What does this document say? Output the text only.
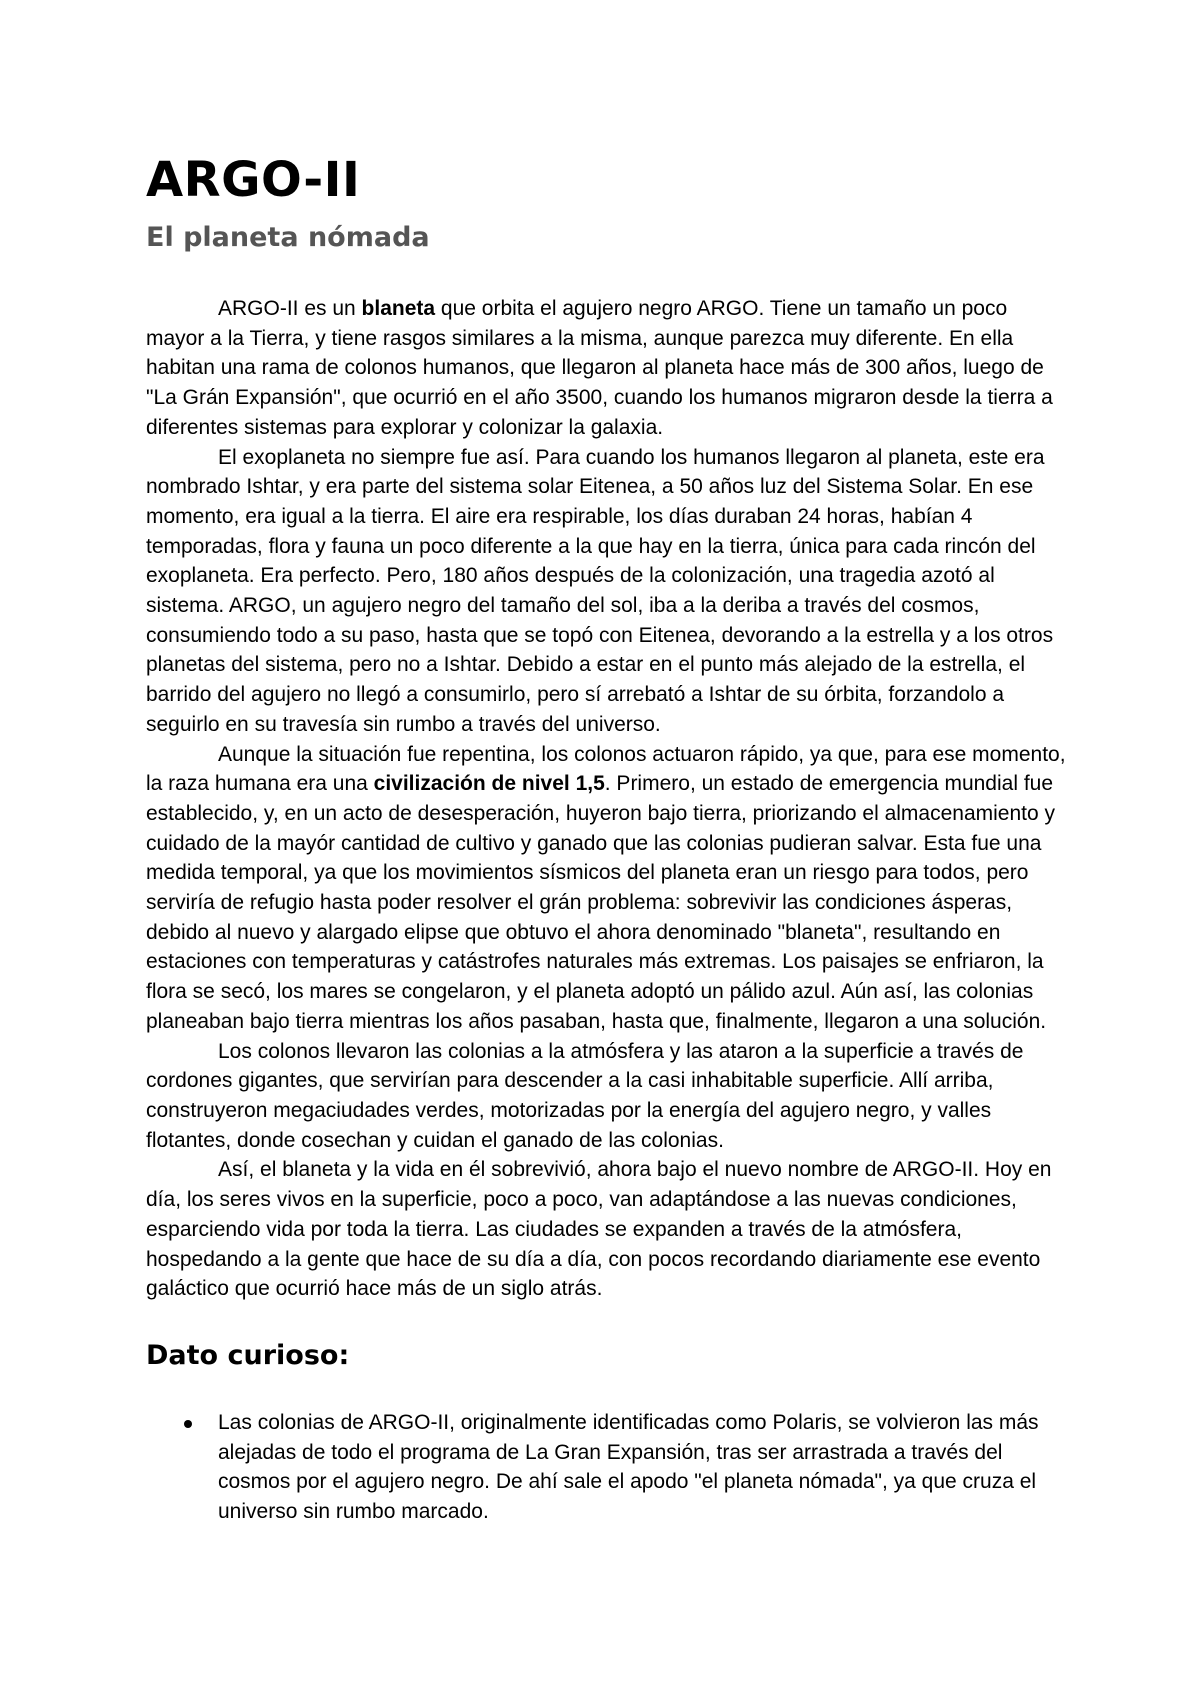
ARGO-II
El planeta nómada

ARGO-II es un blaneta que orbita el agujero negro ARGO. Tiene un tamaño un poco mayor a la Tierra, y tiene rasgos similares a la misma, aunque parezca muy diferente. En ella habitan una rama de colonos humanos, que llegaron al planeta hace más de 300 años, luego de "La Grán Expansión", que ocurrió en el año 3500, cuando los humanos migraron desde la tierra a diferentes sistemas para explorar y colonizar la galaxia.

El exoplaneta no siempre fue así. Para cuando los humanos llegaron al planeta, este era nombrado Ishtar, y era parte del sistema solar Eitenea, a 50 años luz del Sistema Solar. En ese momento, era igual a la tierra. El aire era respirable, los días duraban 24 horas, habían 4 temporadas, flora y fauna un poco diferente a la que hay en la tierra, única para cada rincón del exoplaneta. Era perfecto. Pero, 180 años después de la colonización, una tragedia azotó al sistema. ARGO, un agujero negro del tamaño del sol, iba a la deriba a través del cosmos, consumiendo todo a su paso, hasta que se topó con Eitenea, devorando a la estrella y a los otros planetas del sistema, pero no a Ishtar. Debido a estar en el punto más alejado de la estrella, el barrido del agujero no llegó a consumirlo, pero sí arrebató a Ishtar de su órbita, forzandolo a seguirlo en su travesía sin rumbo a través del universo.

Aunque la situación fue repentina, los colonos actuaron rápido, ya que, para ese momento, la raza humana era una civilización de nivel 1,5. Primero, un estado de emergencia mundial fue establecido, y, en un acto de desesperación, huyeron bajo tierra, priorizando el almacenamiento y cuidado de la mayór cantidad de cultivo y ganado que las colonias pudieran salvar. Esta fue una medida temporal, ya que los movimientos sísmicos del planeta eran un riesgo para todos, pero serviría de refugio hasta poder resolver el grán problema: sobrevivir las condiciones ásperas, debido al nuevo y alargado elipse que obtuvo el ahora denominado "blaneta", resultando en estaciones con temperaturas y catástrofes naturales más extremas. Los paisajes se enfriaron, la flora se secó, los mares se congelaron, y el planeta adoptó un pálido azul. Aún así, las colonias planeaban bajo tierra mientras los años pasaban, hasta que, finalmente, llegaron a una solución.

Los colonos llevaron las colonias a la atmósfera y las ataron a la superficie a través de cordones gigantes, que servirían para descender a la casi inhabitable superficie. Allí arriba, construyeron megaciudades verdes, motorizadas por la energía del agujero negro, y valles flotantes, donde cosechan y cuidan el ganado de las colonias.

Así, el blaneta y la vida en él sobrevivió, ahora bajo el nuevo nombre de ARGO-II. Hoy en día, los seres vivos en la superficie, poco a poco, van adaptándose a las nuevas condiciones, esparciendo vida por toda la tierra. Las ciudades se expanden a través de la atmósfera, hospedando a la gente que hace de su día a día, con pocos recordando diariamente ese evento galáctico que ocurrió hace más de un siglo atrás.

Dato curioso:
Las colonias de ARGO-II, originalmente identificadas como Polaris, se volvieron las más alejadas de todo el programa de La Gran Expansión, tras ser arrastrada a través del cosmos por el agujero negro. De ahí sale el apodo "el planeta nómada", ya que cruza el universo sin rumbo marcado.
